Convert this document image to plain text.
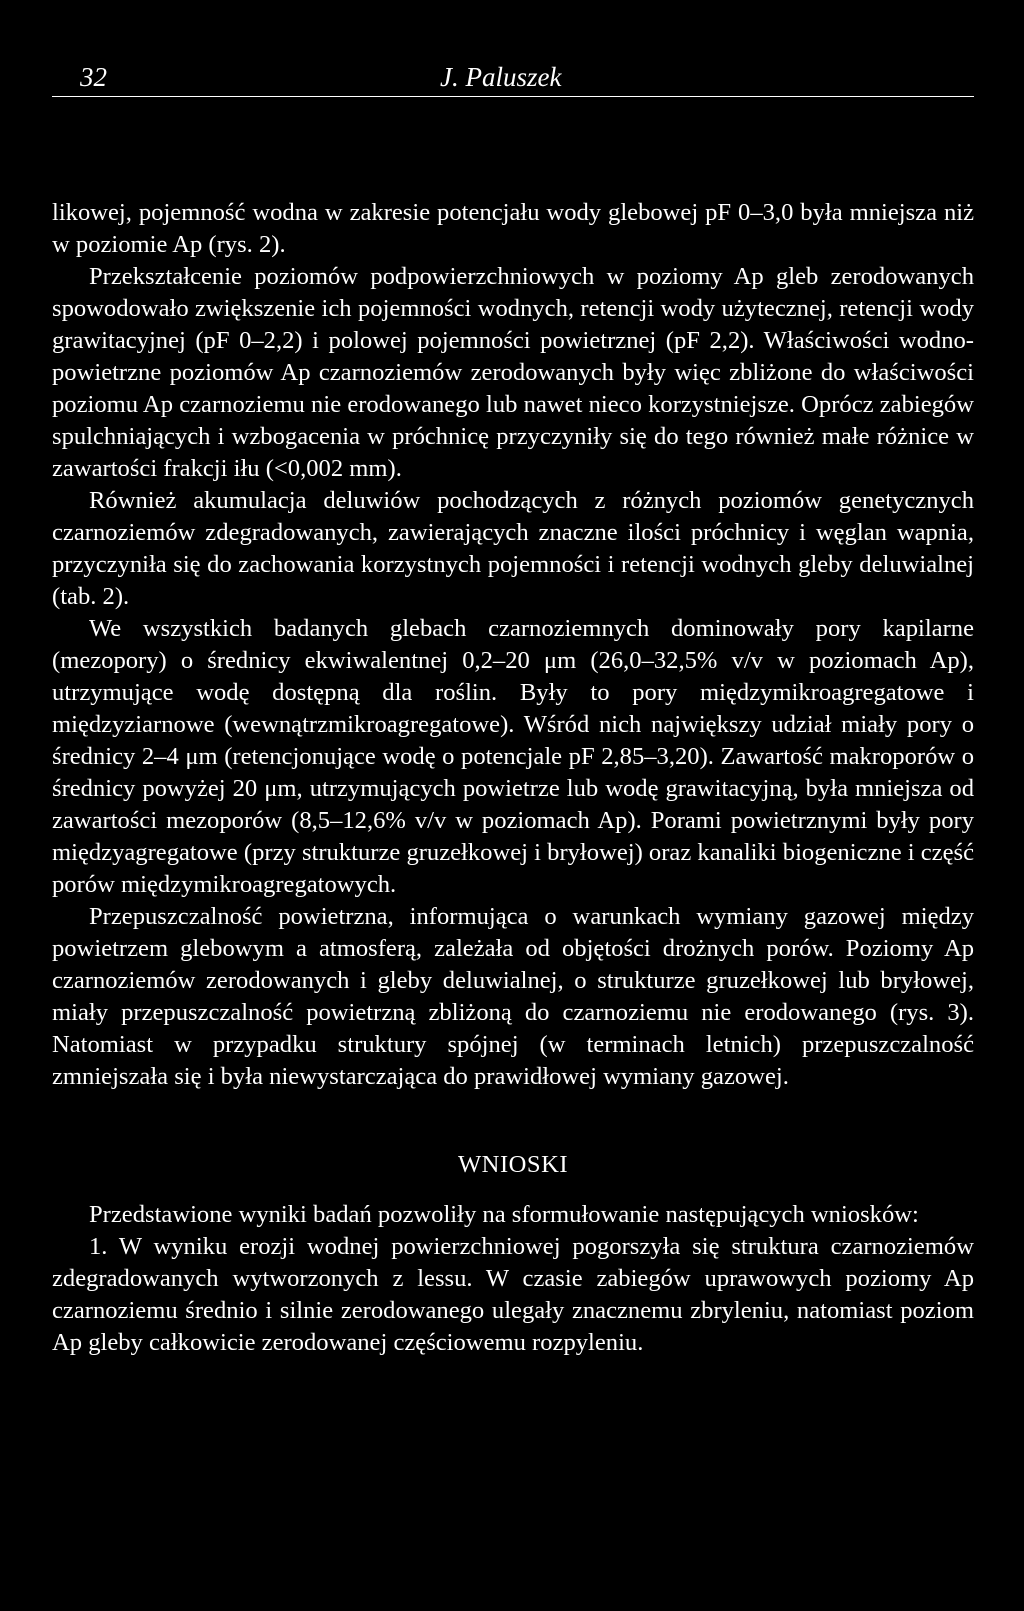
32	J. Paluszek

likowej, pojemność wodna w zakresie potencjału wody glebowej pF 0–3,0 była mniejsza niż w poziomie Ap (rys. 2).

Przekształcenie poziomów podpowierzchniowych w poziomy Ap gleb zerodowanych spowodowało zwiększenie ich pojemności wodnych, retencji wody użytecznej, retencji wody grawitacyjnej (pF 0–2,2) i polowej pojemności powietrznej (pF 2,2). Właściwości wodno-powietrzne poziomów Ap czarnoziemów zerodowanych były więc zbliżone do właściwości poziomu Ap czarnoziemu nie erodowanego lub nawet nieco korzystniejsze. Oprócz zabiegów spulchniających i wzbogacenia w próchnicę przyczyniły się do tego również małe różnice w zawartości frakcji iłu (<0,002 mm).

Również akumulacja deluwiów pochodzących z różnych poziomów genetycznych czarnoziemów zdegradowanych, zawierających znaczne ilości próchnicy i węglan wapnia, przyczyniła się do zachowania korzystnych pojemności i retencji wodnych gleby deluwialnej (tab. 2).

We wszystkich badanych glebach czarnoziemnych dominowały pory kapilarne (mezopory) o średnicy ekwiwalentnej 0,2–20 μm (26,0–32,5% v/v w poziomach Ap), utrzymujące wodę dostępną dla roślin. Były to pory międzymikroagregatowe i międzyziarnowe (wewnątrzmikroagregatowe). Wśród nich największy udział miały pory o średnicy 2–4 μm (retencjonujące wodę o potencjale pF 2,85–3,20). Zawartość makroporów o średnicy powyżej 20 μm, utrzymujących powietrze lub wodę grawitacyjną, była mniejsza od zawartości mezoporów (8,5–12,6% v/v w poziomach Ap). Porami powietrznymi były pory międzyagregatowe (przy strukturze gruzełkowej i bryłowej) oraz kanaliki biogeniczne i część porów międzymikroagregatowych.

Przepuszczalność powietrzna, informująca o warunkach wymiany gazowej między powietrzem glebowym a atmosferą, zależała od objętości drożnych porów. Poziomy Ap czarnoziemów zerodowanych i gleby deluwialnej, o strukturze gruzełkowej lub bryłowej, miały przepuszczalność powietrzną zbliżoną do czarnoziemu nie erodowanego (rys. 3). Natomiast w przypadku struktury spójnej (w terminach letnich) przepuszczalność zmniejszała się i była niewystarczająca do prawidłowej wymiany gazowej.

WNIOSKI

Przedstawione wyniki badań pozwoliły na sformułowanie następujących wniosków:

1. W wyniku erozji wodnej powierzchniowej pogorszyła się struktura czarnoziemów zdegradowanych wytworzonych z lessu. W czasie zabiegów uprawowych poziomy Ap czarnoziemu średnio i silnie zerodowanego ulegały znacznemu zbryleniu, natomiast poziom Ap gleby całkowicie zerodowanej częściowemu rozpyleniu.
